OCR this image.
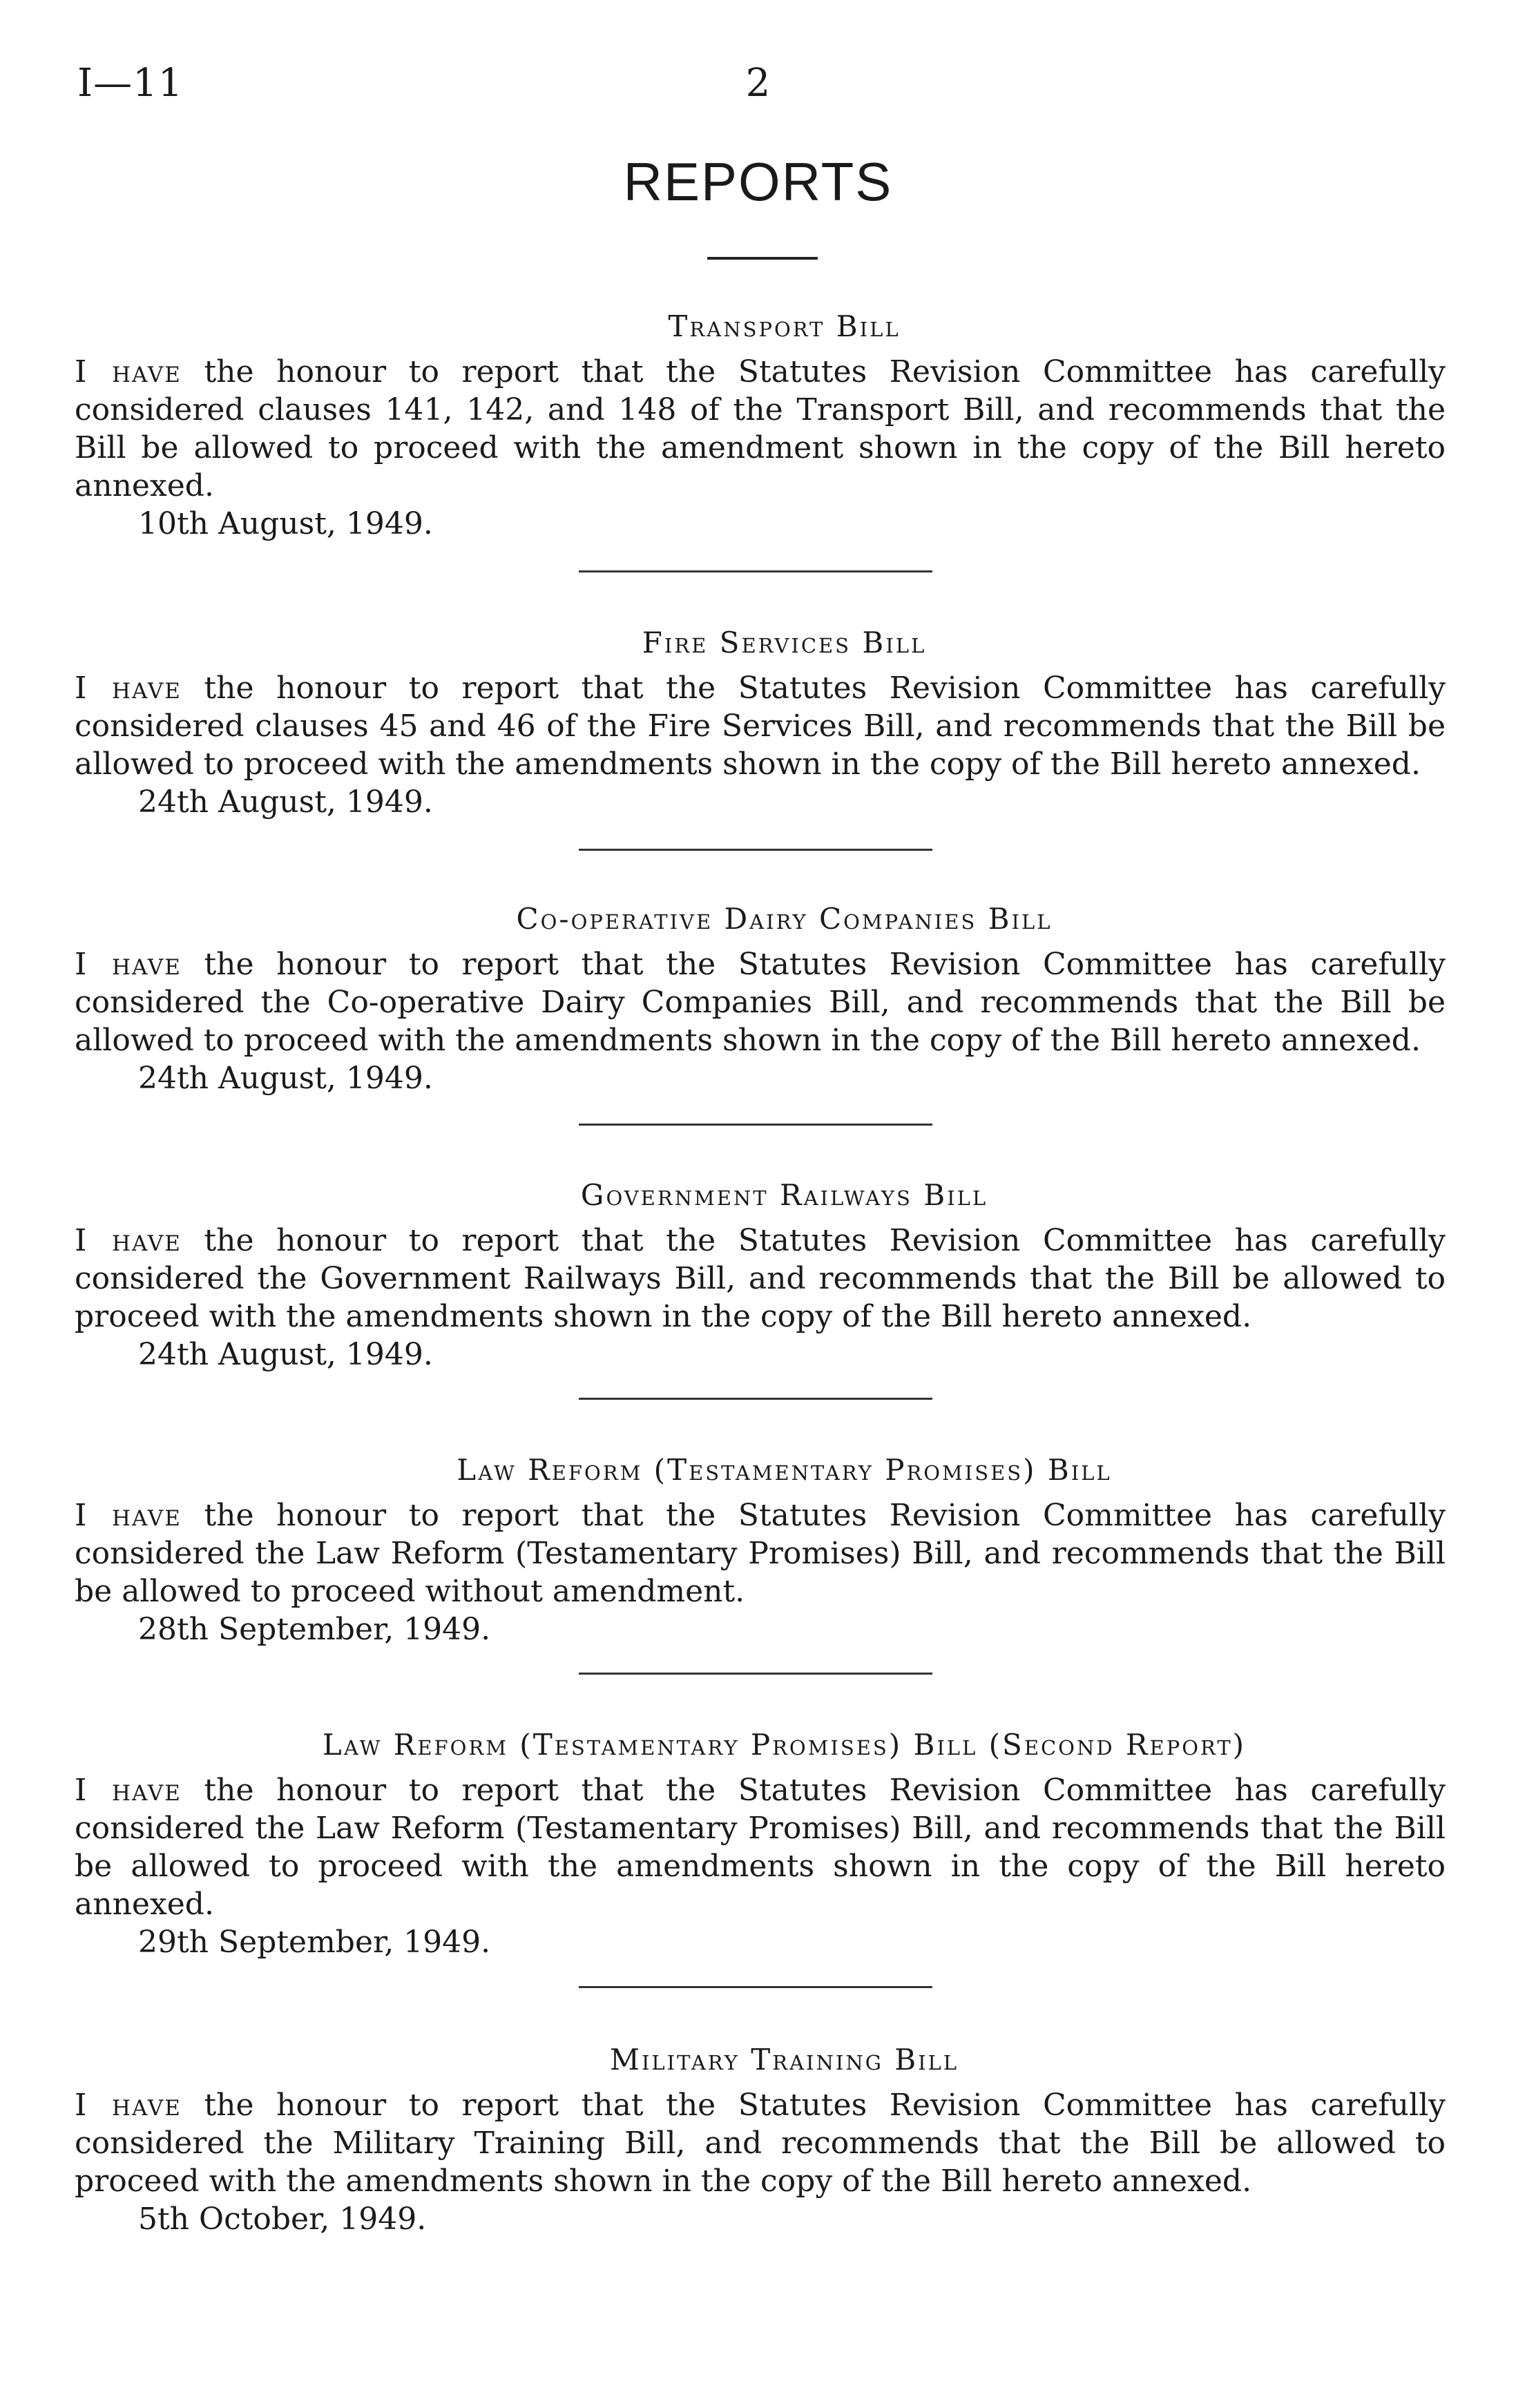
I—11	2
REPORTS
Transport Bill

I have the honour to report that the Statutes Revision Committee has carefully considered clauses 141, 142, and 148 of the Transport Bill, and recommends that the Bill be allowed to proceed with the amendment shown in the copy of the Bill hereto annexed.

10th August, 1949.

Fire Services Bill

I have the honour to report that the Statutes Revision Committee has carefully considered clauses 45 and 46 of the Fire Services Bill, and recommends that the Bill be allowed to proceed with the amendments shown in the copy of the Bill hereto annexed.

24th August, 1949.

Co-operative Dairy Companies Bill

I have the honour to report that the Statutes Revision Committee has carefully considered the Co-operative Dairy Companies Bill, and recommends that the Bill be allowed to proceed with the amendments shown in the copy of the Bill hereto annexed.

24th August, 1949.

Government Railways Bill

I have the honour to report that the Statutes Revision Committee has carefully considered the Government Railways Bill, and recommends that the Bill be allowed to proceed with the amendments shown in the copy of the Bill hereto annexed.

24th August, 1949.

Law Reform (Testamentary Promises) Bill

I have the honour to report that the Statutes Revision Committee has carefully considered the Law Reform (Testamentary Promises) Bill, and recommends that the Bill be allowed to proceed without amendment.

28th September, 1949.

Law Reform (Testamentary Promises) Bill (Second Report)

I have the honour to report that the Statutes Revision Committee has carefully considered the Law Reform (Testamentary Promises) Bill, and recommends that the Bill be allowed to proceed with the amendments shown in the copy of the Bill hereto annexed.

29th September, 1949.

Military Training Bill

I have the honour to report that the Statutes Revision Committee has carefully considered the Military Training Bill, and recommends that the Bill be allowed to proceed with the amendments shown in the copy of the Bill hereto annexed.

5th October, 1949.
